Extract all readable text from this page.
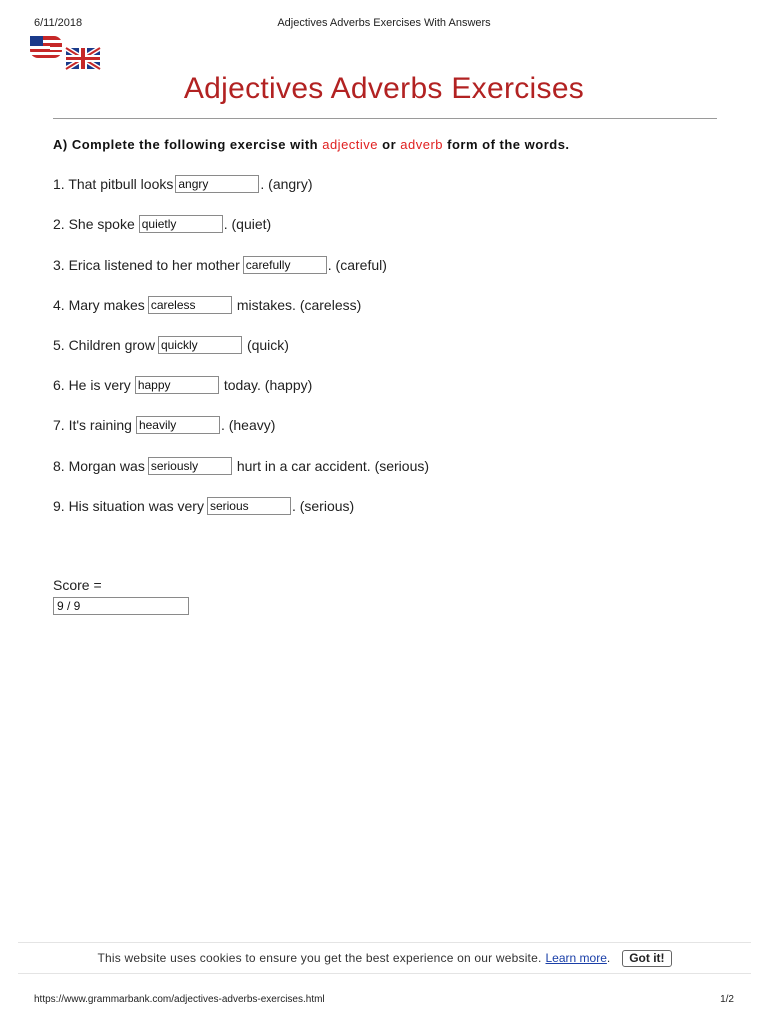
6/11/2018	Adjectives Adverbs Exercises With Answers
Adjectives Adverbs Exercises
A) Complete the following exercise with adjective or adverb form of the words.
1. That pitbull looks angry	. (angry)
2. She spoke quietly	. (quiet)
3. Erica listened to her mother carefully	. (careful)
4. Mary makes careless	mistakes. (careless)
5. Children grow quickly	(quick)
6. He is very happy	today. (happy)
7. It's raining heavily	. (heavy)
8. Morgan was seriously	hurt in a car accident. (serious)
9. His situation was very serious	. (serious)
Score =
9 / 9
This website uses cookies to ensure you get the best experience on our website. Learn more .	Got it!
https://www.grammarbank.com/adjectives-adverbs-exercises.html	1/2
